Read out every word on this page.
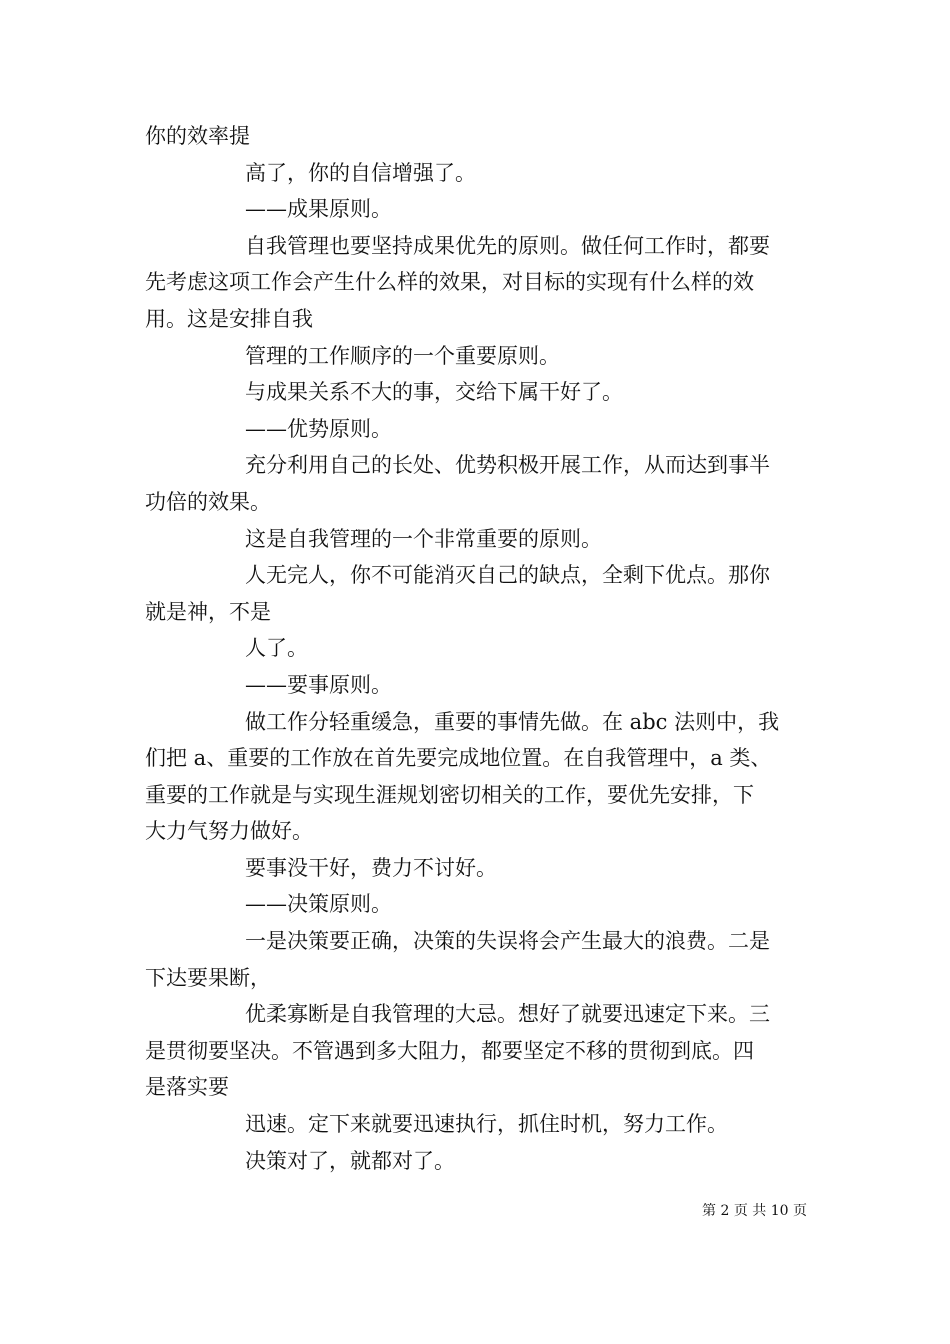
你的效率提
高了，你的自信增强了。
——成果原则。
自我管理也要坚持成果优先的原则。做任何工作时，都要
先考虑这项工作会产生什么样的效果，对目标的实现有什么样的效
用。这是安排自我
管理的工作顺序的一个重要原则。
与成果关系不大的事，交给下属干好了。
——优势原则。
充分利用自己的长处、优势积极开展工作，从而达到事半
功倍的效果。
这是自我管理的一个非常重要的原则。
人无完人，你不可能消灭自己的缺点，全剩下优点。那你
就是神，不是
人了。
——要事原则。
做工作分轻重缓急，重要的事情先做。在 abc 法则中，我
们把 a、重要的工作放在首先要完成地位置。在自我管理中，a 类、
重要的工作就是与实现生涯规划密切相关的工作，要优先安排，下
大力气努力做好。
要事没干好，费力不讨好。
——决策原则。
一是决策要正确，决策的失误将会产生最大的浪费。二是
下达要果断，
优柔寡断是自我管理的大忌。想好了就要迅速定下来。三
是贯彻要坚决。不管遇到多大阻力，都要坚定不移的贯彻到底。四
是落实要
迅速。定下来就要迅速执行，抓住时机，努力工作。
决策对了，就都对了。
第 2 页 共 10 页
